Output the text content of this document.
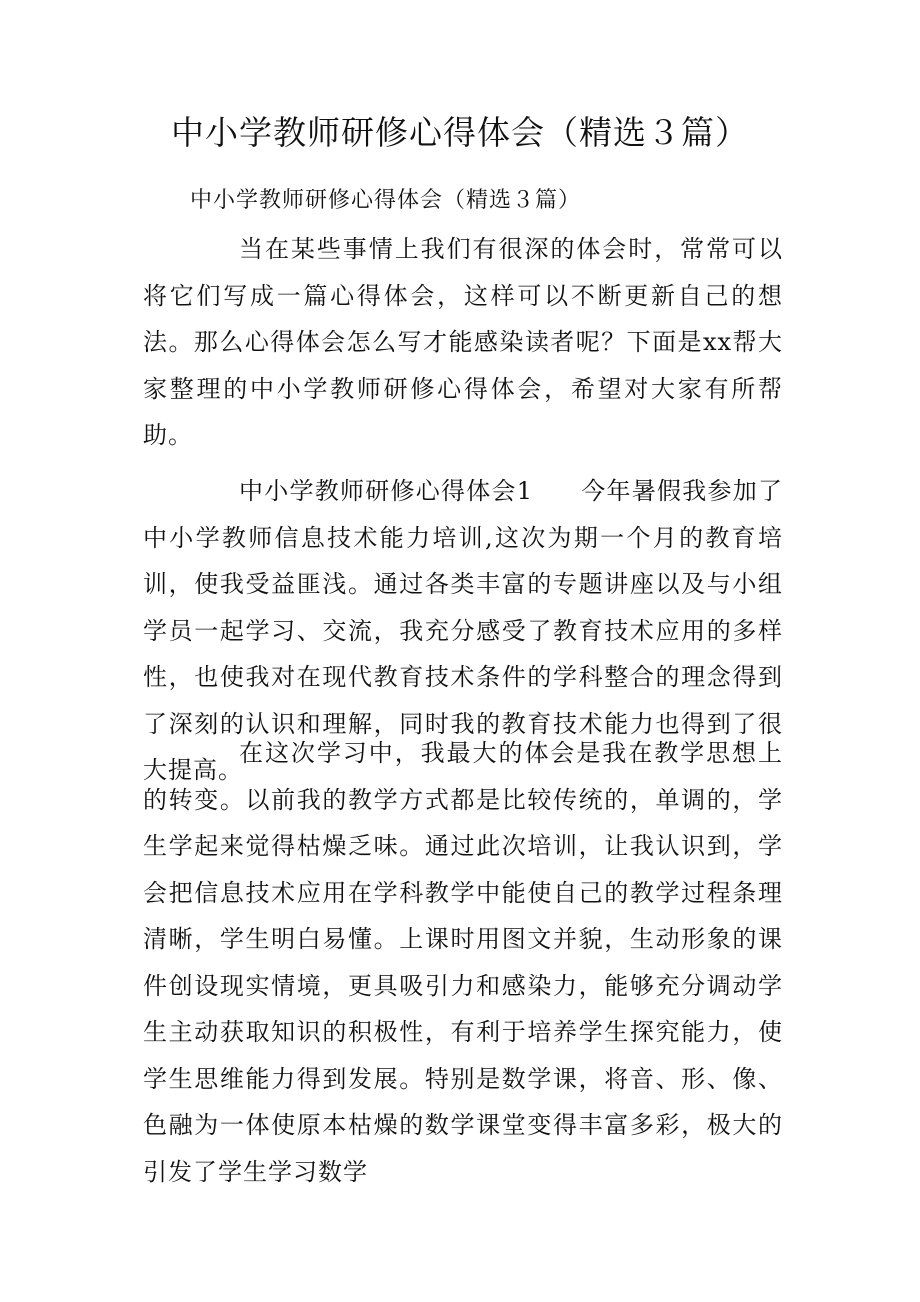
中小学教师研修心得体会（精选３篇）

中小学教师研修心得体会（精选３篇）

当在某些事情上我们有很深的体会时，常常可以将它们写成一篇心得体会，这样可以不断更新自己的想法。那么心得体会怎么写才能感染读者呢？下面是xx帮大家整理的中小学教师研修心得体会，希望对大家有所帮助。

中小学教师研修心得体会1 今年暑假我参加了中小学教师信息技术能力培训,这次为期一个月的教育培训，使我受益匪浅。通过各类丰富的专题讲座以及与小组学员一起学习、交流，我充分感受了教育技术应用的多样性，也使我对在现代教育技术条件的学科整合的理念得到了深刻的认识和理解，同时我的教育技术能力也得到了很大提高。

在这次学习中，我最大的体会是我在教学思想上的转变。以前我的教学方式都是比较传统的，单调的，学生学起来觉得枯燥乏味。通过此次培训，让我认识到，学会把信息技术应用在学科教学中能使自己的教学过程条理清晰，学生明白易懂。上课时用图文并貌，生动形象的课件创设现实情境，更具吸引力和感染力，能够充分调动学生主动获取知识的积极性，有利于培养学生探究能力，使学生思维能力得到发展。特别是数学课，将音、形、像、色融为一体使原本枯燥的数学课堂变得丰富多彩，极大的引发了学生学习数学
